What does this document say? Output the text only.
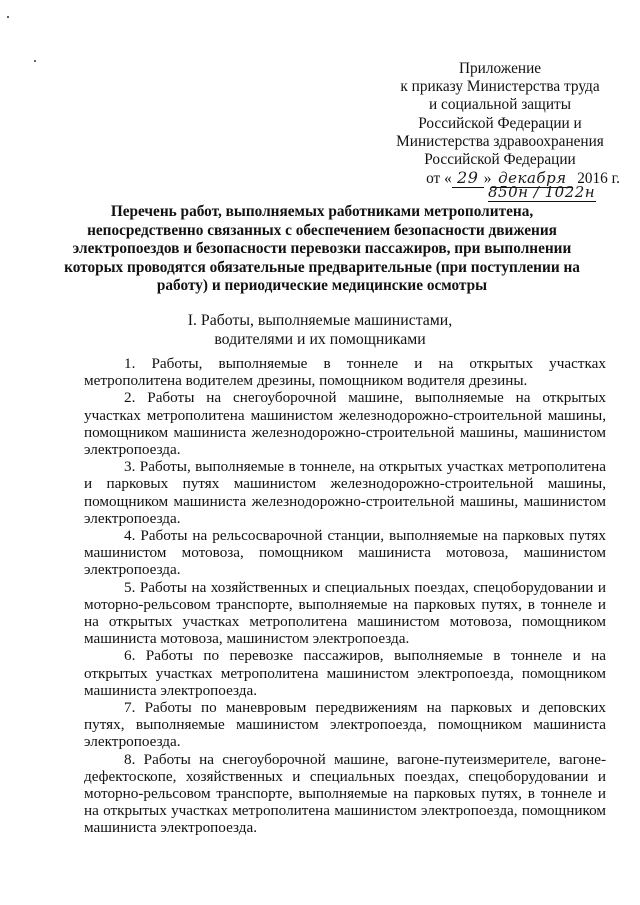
Приложение
к приказу Министерства труда
и социальной защиты
Российской Федерации и
Министерства здравоохранения
Российской Федерации
от « 29 » декабря 2016 г.
850н / 1022н
Перечень работ, выполняемых работниками метрополитена,
непосредственно связанных с обеспечением безопасности движения
электропоездов и безопасности перевозки пассажиров, при выполнении
которых проводятся обязательные предварительные (при поступлении на
работу) и периодические медицинские осмотры
I. Работы, выполняемые машинистами,
водителями и их помощниками

1. Работы, выполняемые в тоннеле и на открытых участках метрополитена водителем дрезины, помощником водителя дрезины.

2. Работы на снегоуборочной машине, выполняемые на открытых участках метрополитена машинистом железнодорожно-строительной машины, помощником машиниста железнодорожно-строительной машины, машинистом электропоезда.

3. Работы, выполняемые в тоннеле, на открытых участках метрополитена и парковых путях машинистом железнодорожно-строительной машины, помощником машиниста железнодорожно-строительной машины, машинистом электропоезда.

4. Работы на рельсосварочной станции, выполняемые на парковых путях машинистом мотовоза, помощником машиниста мотовоза, машинистом электропоезда.

5. Работы на хозяйственных и специальных поездах, спецоборудовании и моторно-рельсовом транспорте, выполняемые на парковых путях, в тоннеле и на открытых участках метрополитена машинистом мотовоза, помощником машиниста мотовоза, машинистом электропоезда.

6. Работы по перевозке пассажиров, выполняемые в тоннеле и на открытых участках метрополитена машинистом электропоезда, помощником машиниста электропоезда.

7. Работы по маневровым передвижениям на парковых и деповских путях, выполняемые машинистом электропоезда, помощником машиниста электропоезда.

8. Работы на снегоуборочной машине, вагоне-путеизмерителе, вагоне-дефектоскопе, хозяйственных и специальных поездах, спецоборудовании и моторно-рельсовом транспорте, выполняемые на парковых путях, в тоннеле и на открытых участках метрополитена машинистом электропоезда, помощником машиниста электропоезда.
